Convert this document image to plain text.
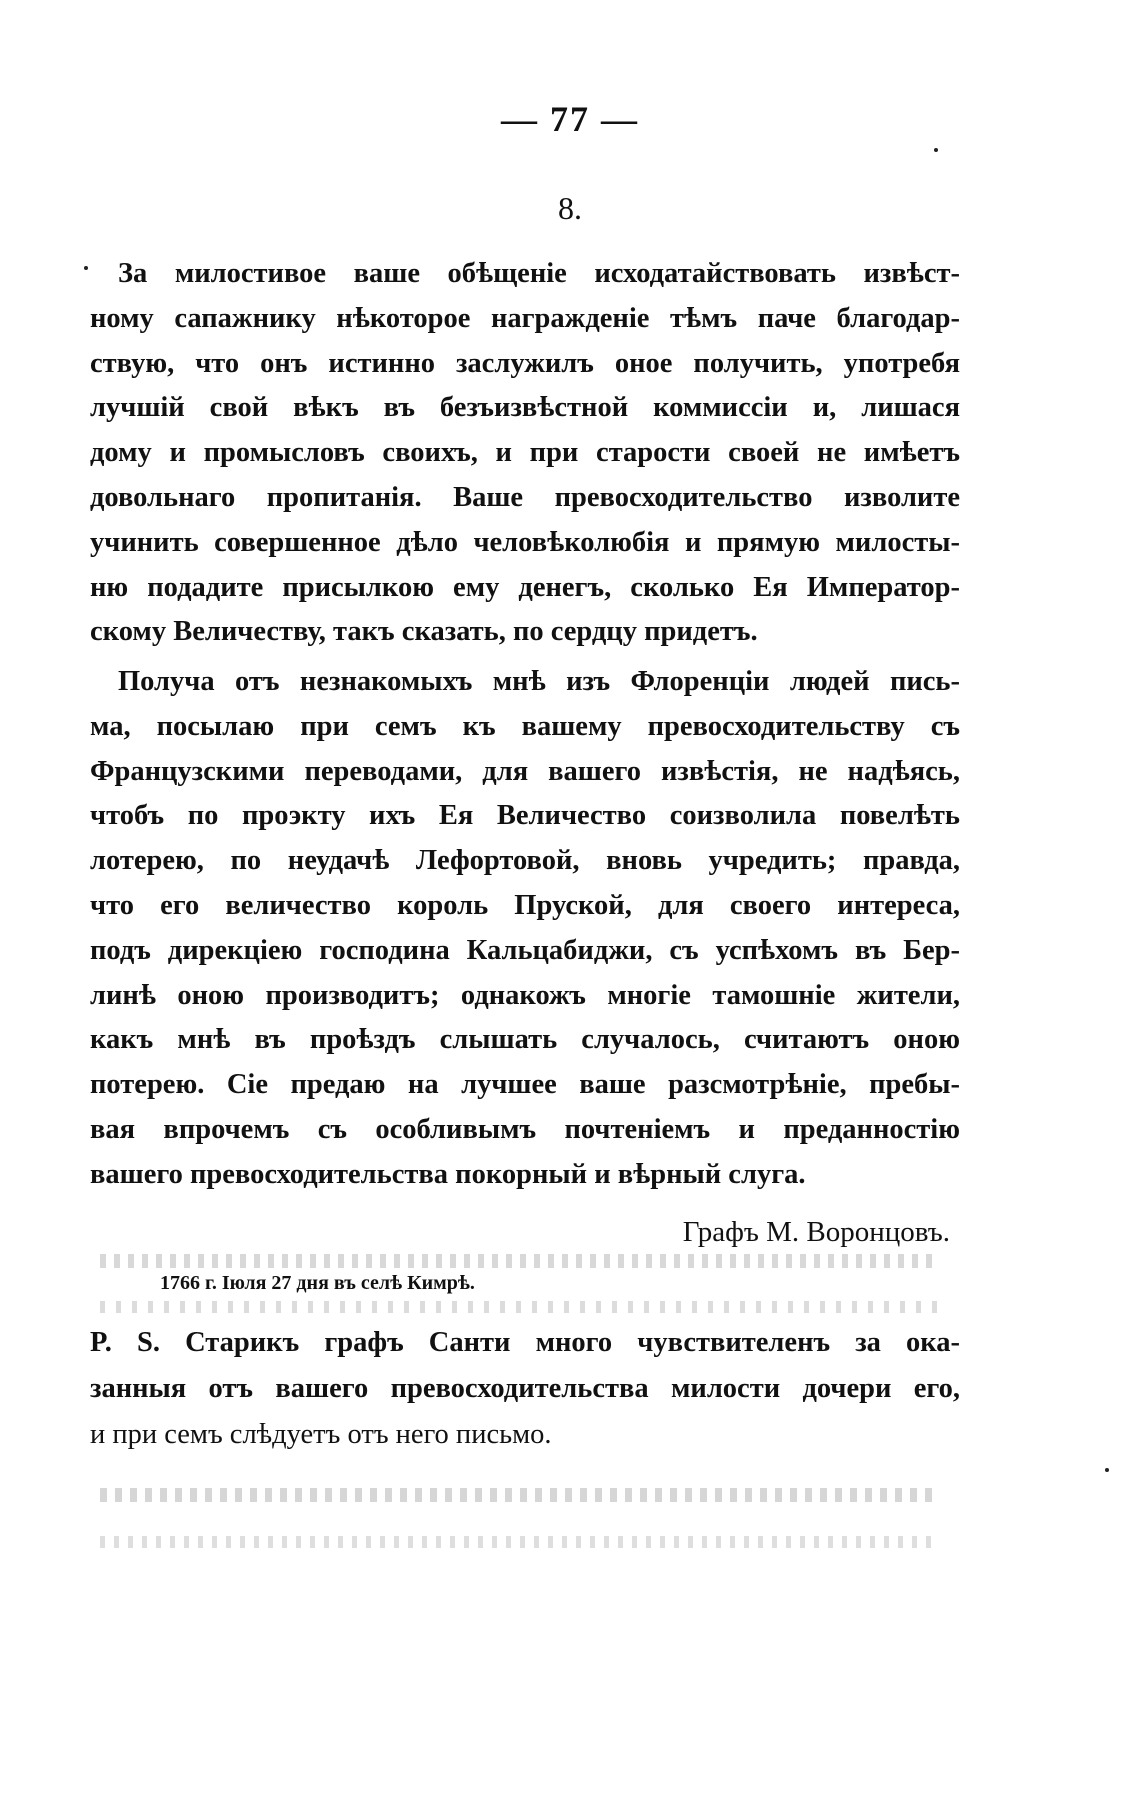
— 77 —
8.
За милостивое ваше обѣщеніе исходатайствовать извѣст-
ному сапажнику нѣкоторое награжденіе тѣмъ паче благодар-
ствую, что онъ истинно заслужилъ оное получить, употребя
лучшій свой вѣкъ въ безъизвѣстной коммиссіи и, лишася
дому и промысловъ своихъ, и при старости своей не имѣетъ
довольнаго пропитанія. Ваше превосходительство изволите
учинить совершенное дѣло человѣколюбія и прямую милосты-
ню подадите присылкою ему денегъ, сколько Ея Император-
скому Величеству, такъ сказать, по сердцу придетъ.
Получа отъ незнакомыхъ мнѣ изъ Флоренціи людей пись-
ма, посылаю при семъ къ вашему превосходительству съ
Французскими переводами, для вашего извѣстія, не надѣясь,
чтобъ по проэкту ихъ Ея Величество соизволила повелѣть
лотерею, по неудачѣ Лефортовой, вновь учредить; правда,
что его величество король Пруской, для своего интереса,
подъ дирекціею господина Кальцабиджи, съ успѣхомъ въ Бер-
линѣ оною производитъ; однакожъ многіе тамошніе жители,
какъ мнѣ въ проѣздъ слышать случалось, считаютъ оною
потерею. Сіе предаю на лучшее ваше разсмотрѣніе, пребы-
вая впрочемъ съ особливымъ почтеніемъ и преданностію
вашего превосходительства покорный и вѣрный слуга.
Графъ М. Воронцовъ.
1766 г. Іюля 27 дня въ селѣ Кимрѣ.
P. S. Старикъ графъ Санти много чувствителенъ за ока-
занныя отъ вашего превосходительства милости дочери его,
и при семъ слѣдуетъ отъ него письмо.
